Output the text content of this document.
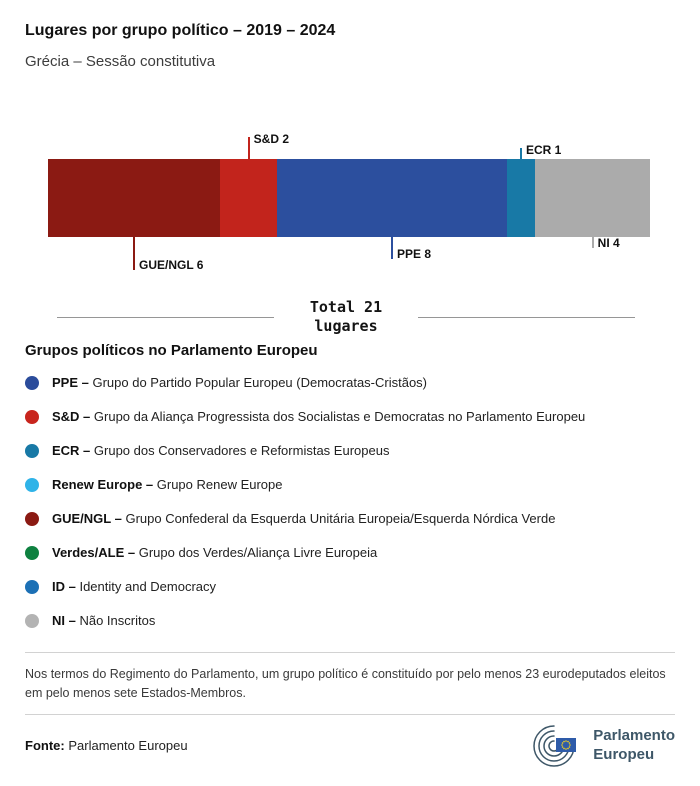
Lugares por grupo político – 2019 – 2024

Grécia – Sessão constitutiva

GUE/NGL 6
S&D 2
PPE 8
ECR 1
NI 4
Total 21
lugares
Grupos políticos no Parlamento Europeu
PPE – Grupo do Partido Popular Europeu (Democratas-Cristãos)
S&D – Grupo da Aliança Progressista dos Socialistas e Democratas no Parlamento Europeu
ECR – Grupo dos Conservadores e Reformistas Europeus
Renew Europe – Grupo Renew Europe
GUE/NGL – Grupo Confederal da Esquerda Unitária Europeia/Esquerda Nórdica Verde
Verdes/ALE – Grupo dos Verdes/Aliança Livre Europeia
ID – Identity and Democracy
NI – Não Inscritos

Nos termos do Regimento do Parlamento, um grupo político é constituído por pelo menos 23 eurodeputados eleitos em pelo menos sete Estados-Membros.

Fonte: Parlamento Europeu

Parlamento
Europeu
